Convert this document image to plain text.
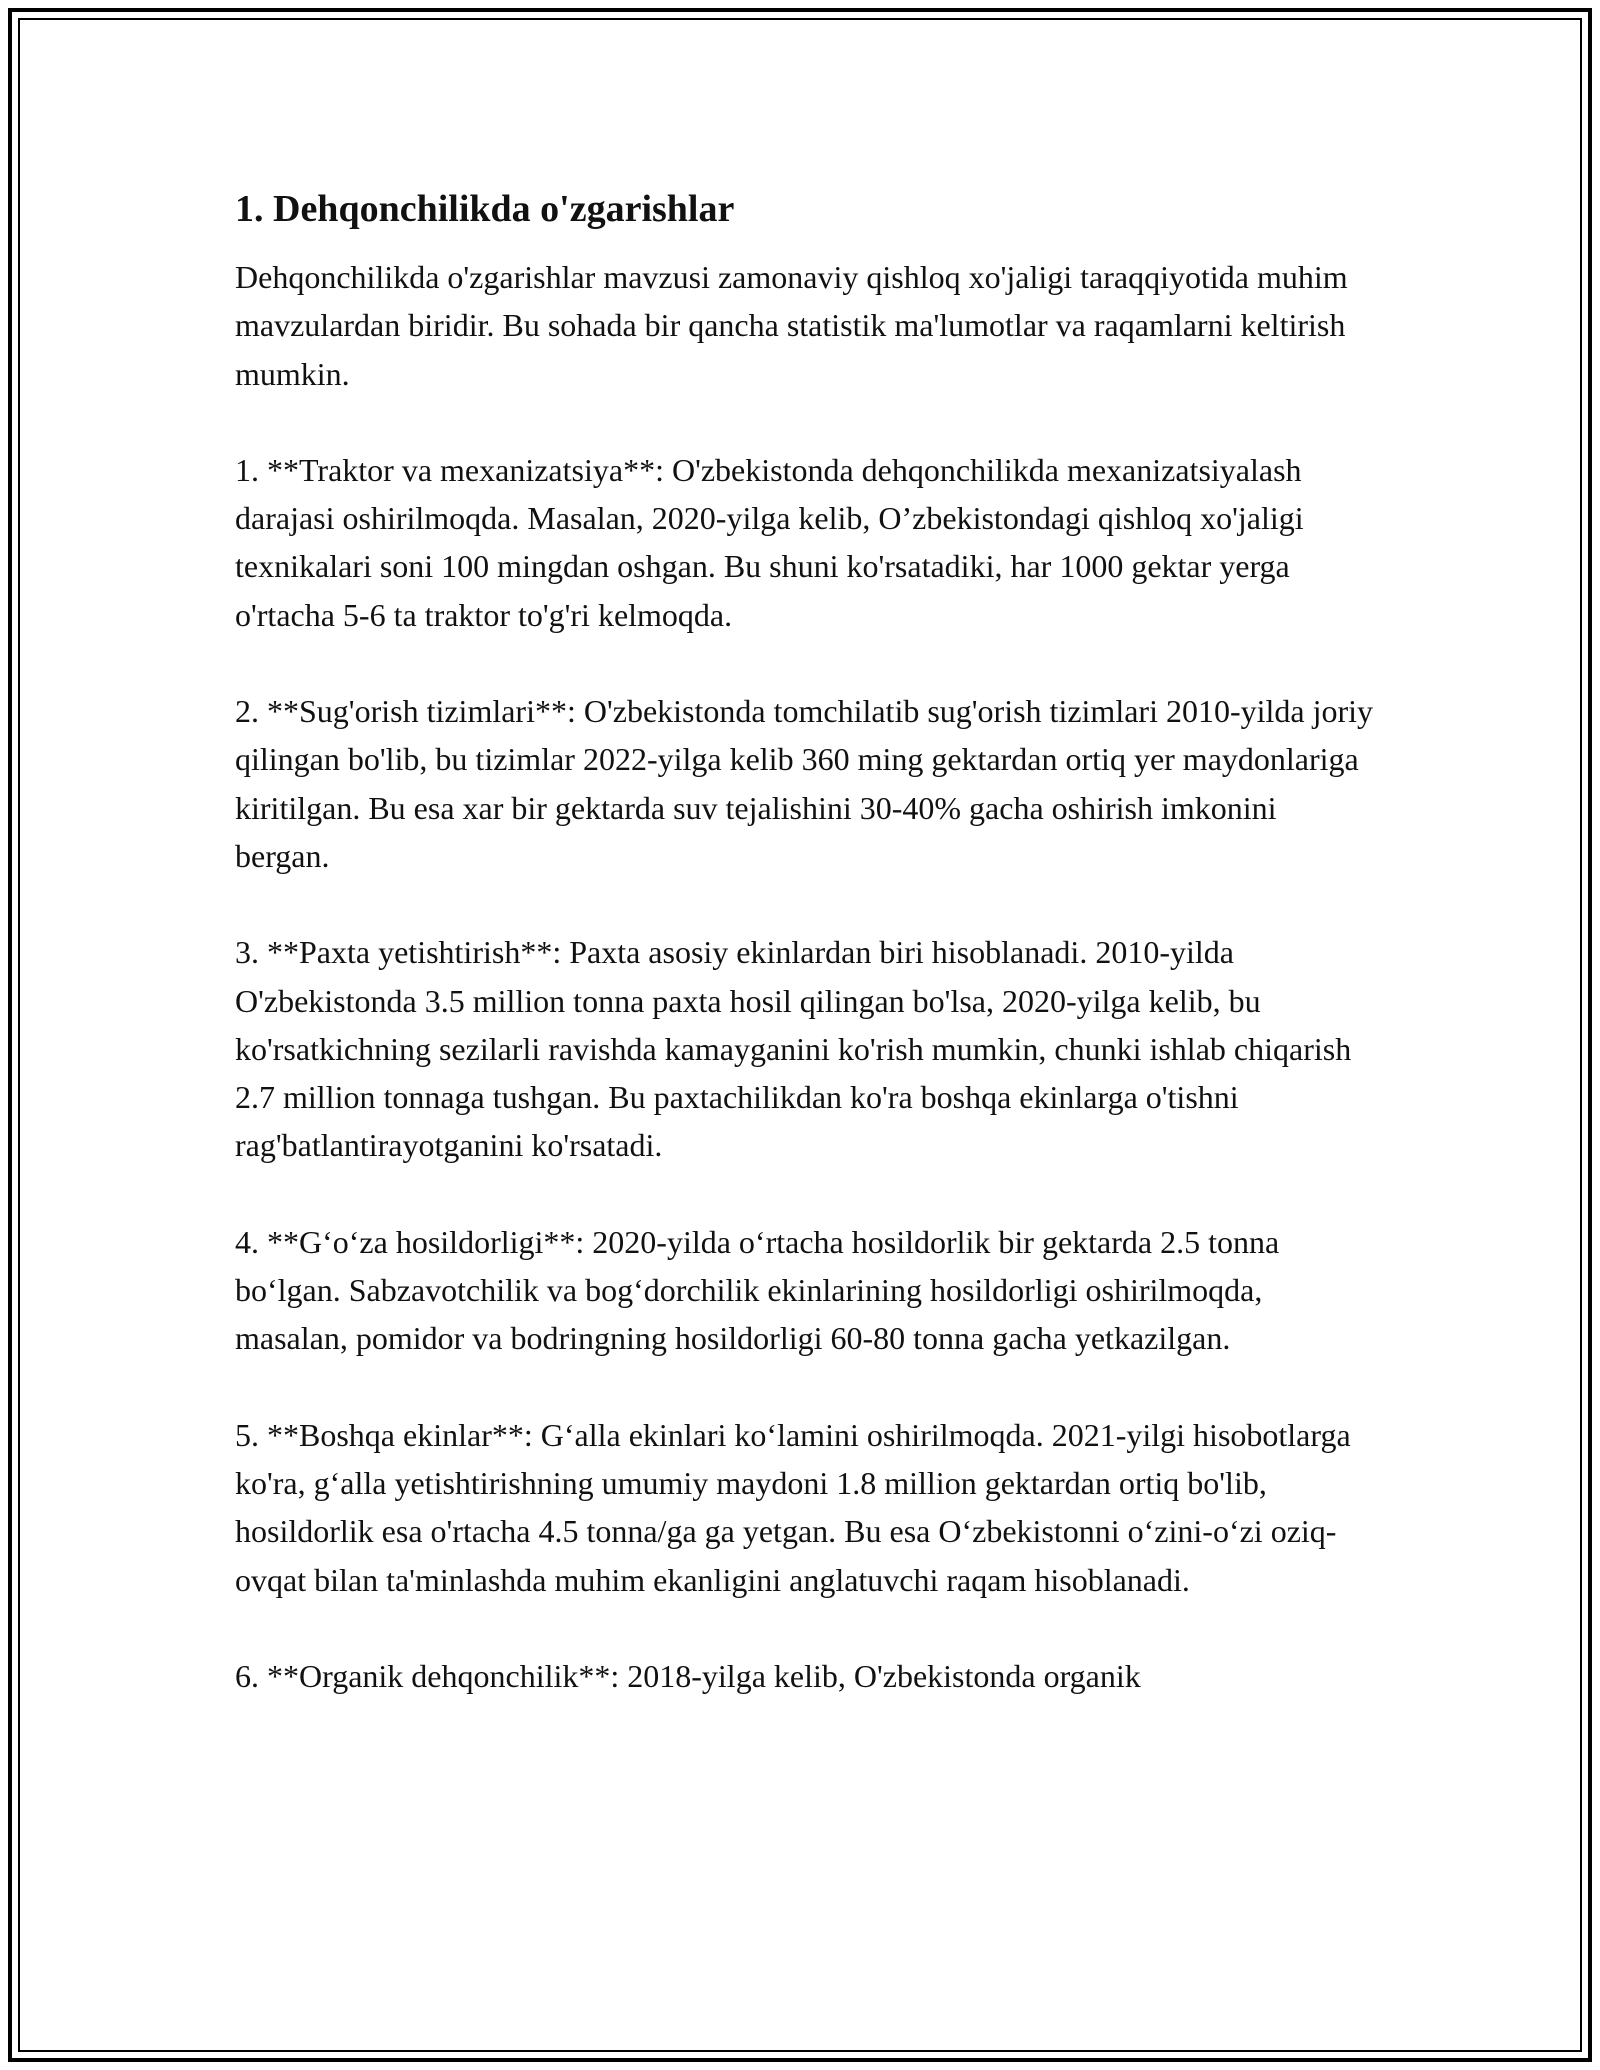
1. Dehqonchilikda o'zgarishlar

Dehqonchilikda o'zgarishlar mavzusi zamonaviy qishloq xo'jaligi taraqqiyotida muhim mavzulardan biridir. Bu sohada bir qancha statistik ma'lumotlar va raqamlarni keltirish mumkin.

1. **Traktor va mexanizatsiya**: O'zbekistonda dehqonchilikda mexanizatsiyalash darajasi oshirilmoqda. Masalan, 2020-yilga kelib, O’zbekistondagi qishloq xo'jaligi texnikalari soni 100 mingdan oshgan. Bu shuni ko'rsatadiki, har 1000 gektar yerga o'rtacha 5-6 ta traktor to'g'ri kelmoqda.

2. **Sug'orish tizimlari**: O'zbekistonda tomchilatib sug'orish tizimlari 2010-yilda joriy qilingan bo'lib, bu tizimlar 2022-yilga kelib 360 ming gektardan ortiq yer maydonlariga kiritilgan. Bu esa xar bir gektarda suv tejalishini 30-40% gacha oshirish imkonini bergan.

3. **Paxta yetishtirish**: Paxta asosiy ekinlardan biri hisoblanadi. 2010-yilda O'zbekistonda 3.5 million tonna paxta hosil qilingan bo'lsa, 2020-yilga kelib, bu ko'rsatkichning sezilarli ravishda kamayganini ko'rish mumkin, chunki ishlab chiqarish 2.7 million tonnaga tushgan. Bu paxtachilikdan ko'ra boshqa ekinlarga o'tishni rag'batlantirayotganini ko'rsatadi.

4. **G‘o‘za hosildorligi**: 2020-yilda o‘rtacha hosildorlik bir gektarda 2.5 tonna bo‘lgan. Sabzavotchilik va bog‘dorchilik ekinlarining hosildorligi oshirilmoqda, masalan, pomidor va bodringning hosildorligi 60-80 tonna gacha yetkazilgan.

5. **Boshqa ekinlar**: G‘alla ekinlari ko‘lamini oshirilmoqda. 2021-yilgi hisobotlarga ko'ra, g‘alla yetishtirishning umumiy maydoni 1.8 million gektardan ortiq bo'lib, hosildorlik esa o'rtacha 4.5 tonna/ga ga yetgan. Bu esa O‘zbekistonni o‘zini-o‘zi oziq-ovqat bilan ta'minlashda muhim ekanligini anglatuvchi raqam hisoblanadi.

6. **Organik dehqonchilik**: 2018-yilga kelib, O'zbekistonda organik
